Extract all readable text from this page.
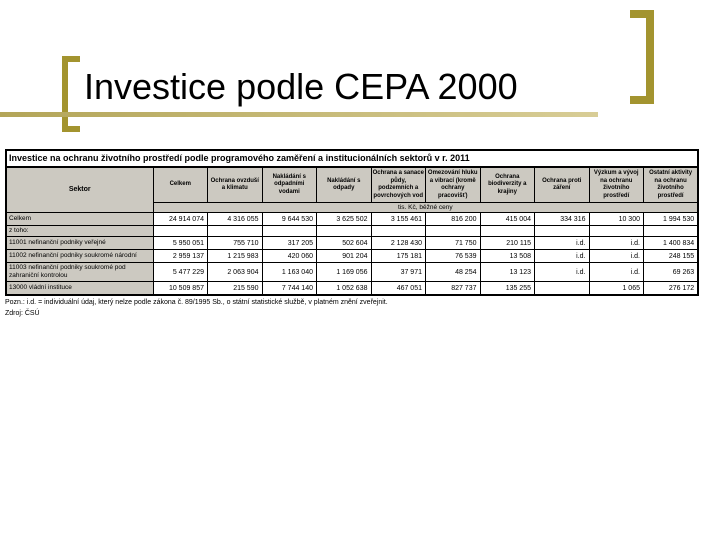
Investice podle CEPA 2000
Investice na ochranu životního prostředí podle programového zaměření a institucionálních sektorů v r. 2011										
Sektor	Celkem	Ochrana ovzduší a klimatu	Nakládání s odpadními vodami	Nakládání s odpady	Ochrana a sanace půdy, podzemních a povrchových vod	Omezování hluku a vibrací (kromě ochrany pracovišť)	Ochrana biodiverzity a krajiny	Ochrana proti záření	Výzkum a vývoj na ochranu životního prostředí	Ostatní aktivity na ochranu životního prostředí
	tis. Kč, běžné ceny									
Celkem	24 914 074	4 316 055	9 644 530	3 625 502	3 155 461	816 200	415 004	334 316	10 300	1 994 530
z toho:										
11001 nefinanční podniky veřejné	5 950 051	755 710	317 205	502 604	2 128 430	71 750	210 115	i.d.	i.d.	1 400 834
11002 nefinanční podniky soukromé národní	2 959 137	1 215 983	420 060	901 204	175 181	76 539	13 508	i.d.	i.d.	248 155
11003 nefinanční podniky soukromé pod zahraniční kontrolou	5 477 229	2 063 904	1 163 040	1 169 056	37 971	48 254	13 123	i.d.	i.d.	69 263
13000 vládní instituce	10 509 857	215 590	7 744 140	1 052 638	467 051	827 737	135 255		1 065	276 172
Pozn.: i.d. = individuální údaj, který nelze podle zákona č. 89/1995 Sb., o státní statistické službě, v platném znění zveřejnit.
Zdroj: ČSÚ
